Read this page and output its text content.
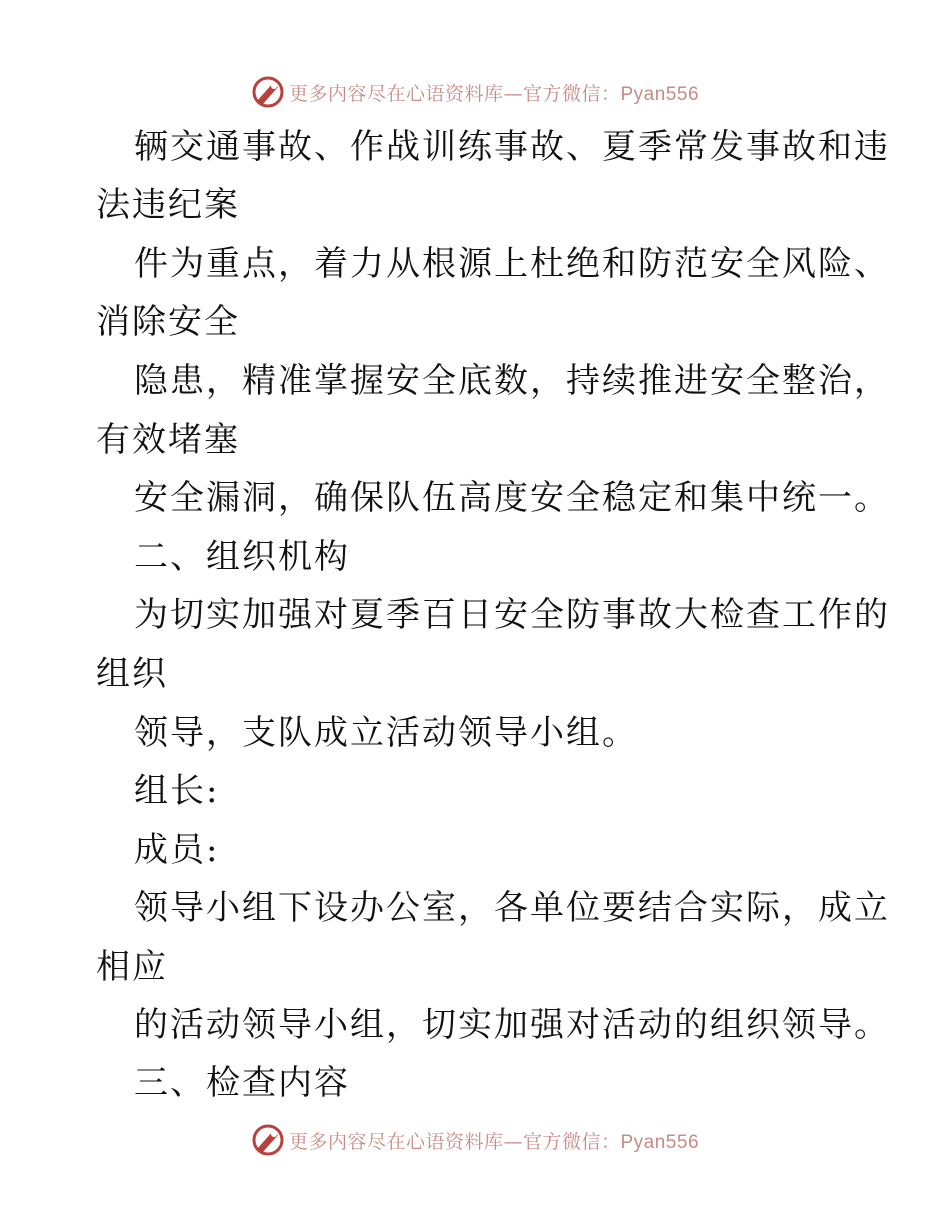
更多内容尽在心语资料库—官方微信：Pyan556
辆交通事故、作战训练事故、夏季常发事故和违
法违纪案
件为重点，着力从根源上杜绝和防范安全风险、
消除安全
隐患，精准掌握安全底数，持续推进安全整治，
有效堵塞
安全漏洞，确保队伍高度安全稳定和集中统一。
二、组织机构
为切实加强对夏季百日安全防事故大检查工作的
组织
领导，支队成立活动领导小组。
组长:
成员:
领导小组下设办公室，各单位要结合实际，成立
相应
的活动领导小组，切实加强对活动的组织领导。
三、检查内容
更多内容尽在心语资料库—官方微信：Pyan556
